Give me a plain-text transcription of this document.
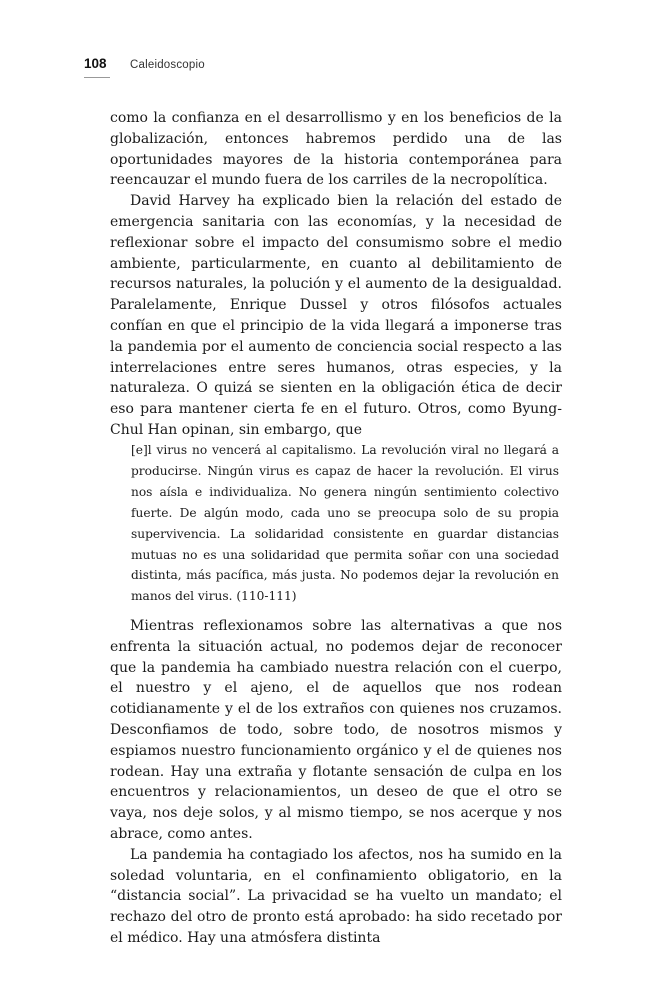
108	Caleidoscopio

como la confianza en el desarrollismo y en los beneficios de la globalización, entonces habremos perdido una de las oportunidades mayores de la historia contemporánea para reencauzar el mundo fuera de los carriles de la necropolítica.

David Harvey ha explicado bien la relación del estado de emergencia sanitaria con las economías, y la necesidad de reflexionar sobre el impacto del consumismo sobre el medio ambiente, particularmente, en cuanto al debilitamiento de recursos naturales, la polución y el aumento de la desigualdad. Paralelamente, Enrique Dussel y otros filósofos actuales confían en que el principio de la vida llegará a imponerse tras la pandemia por el aumento de conciencia social respecto a las interrelaciones entre seres humanos, otras especies, y la naturaleza. O quizá se sienten en la obligación ética de decir eso para mantener cierta fe en el futuro. Otros, como Byung-Chul Han opinan, sin embargo, que

[e]l virus no vencerá al capitalismo. La revolución viral no llegará a producirse. Ningún virus es capaz de hacer la revolución. El virus nos aísla e individualiza. No genera ningún sentimiento colectivo fuerte. De algún modo, cada uno se preocupa solo de su propia supervivencia. La solidaridad consistente en guardar distancias mutuas no es una solidaridad que permita soñar con una sociedad distinta, más pacífica, más justa. No podemos dejar la revolución en manos del virus. (110-111)

Mientras reflexionamos sobre las alternativas a que nos enfrenta la situación actual, no podemos dejar de reconocer que la pandemia ha cambiado nuestra relación con el cuerpo, el nuestro y el ajeno, el de aquellos que nos rodean cotidianamente y el de los extraños con quienes nos cruzamos. Desconfiamos de todo, sobre todo, de nosotros mismos y espiamos nuestro funcionamiento orgánico y el de quienes nos rodean. Hay una extraña y flotante sensación de culpa en los encuentros y relacionamientos, un deseo de que el otro se vaya, nos deje solos, y al mismo tiempo, se nos acerque y nos abrace, como antes.

La pandemia ha contagiado los afectos, nos ha sumido en la soledad voluntaria, en el confinamiento obligatorio, en la “distancia social”. La privacidad se ha vuelto un mandato; el rechazo del otro de pronto está aprobado: ha sido recetado por el médico. Hay una atmósfera distinta
